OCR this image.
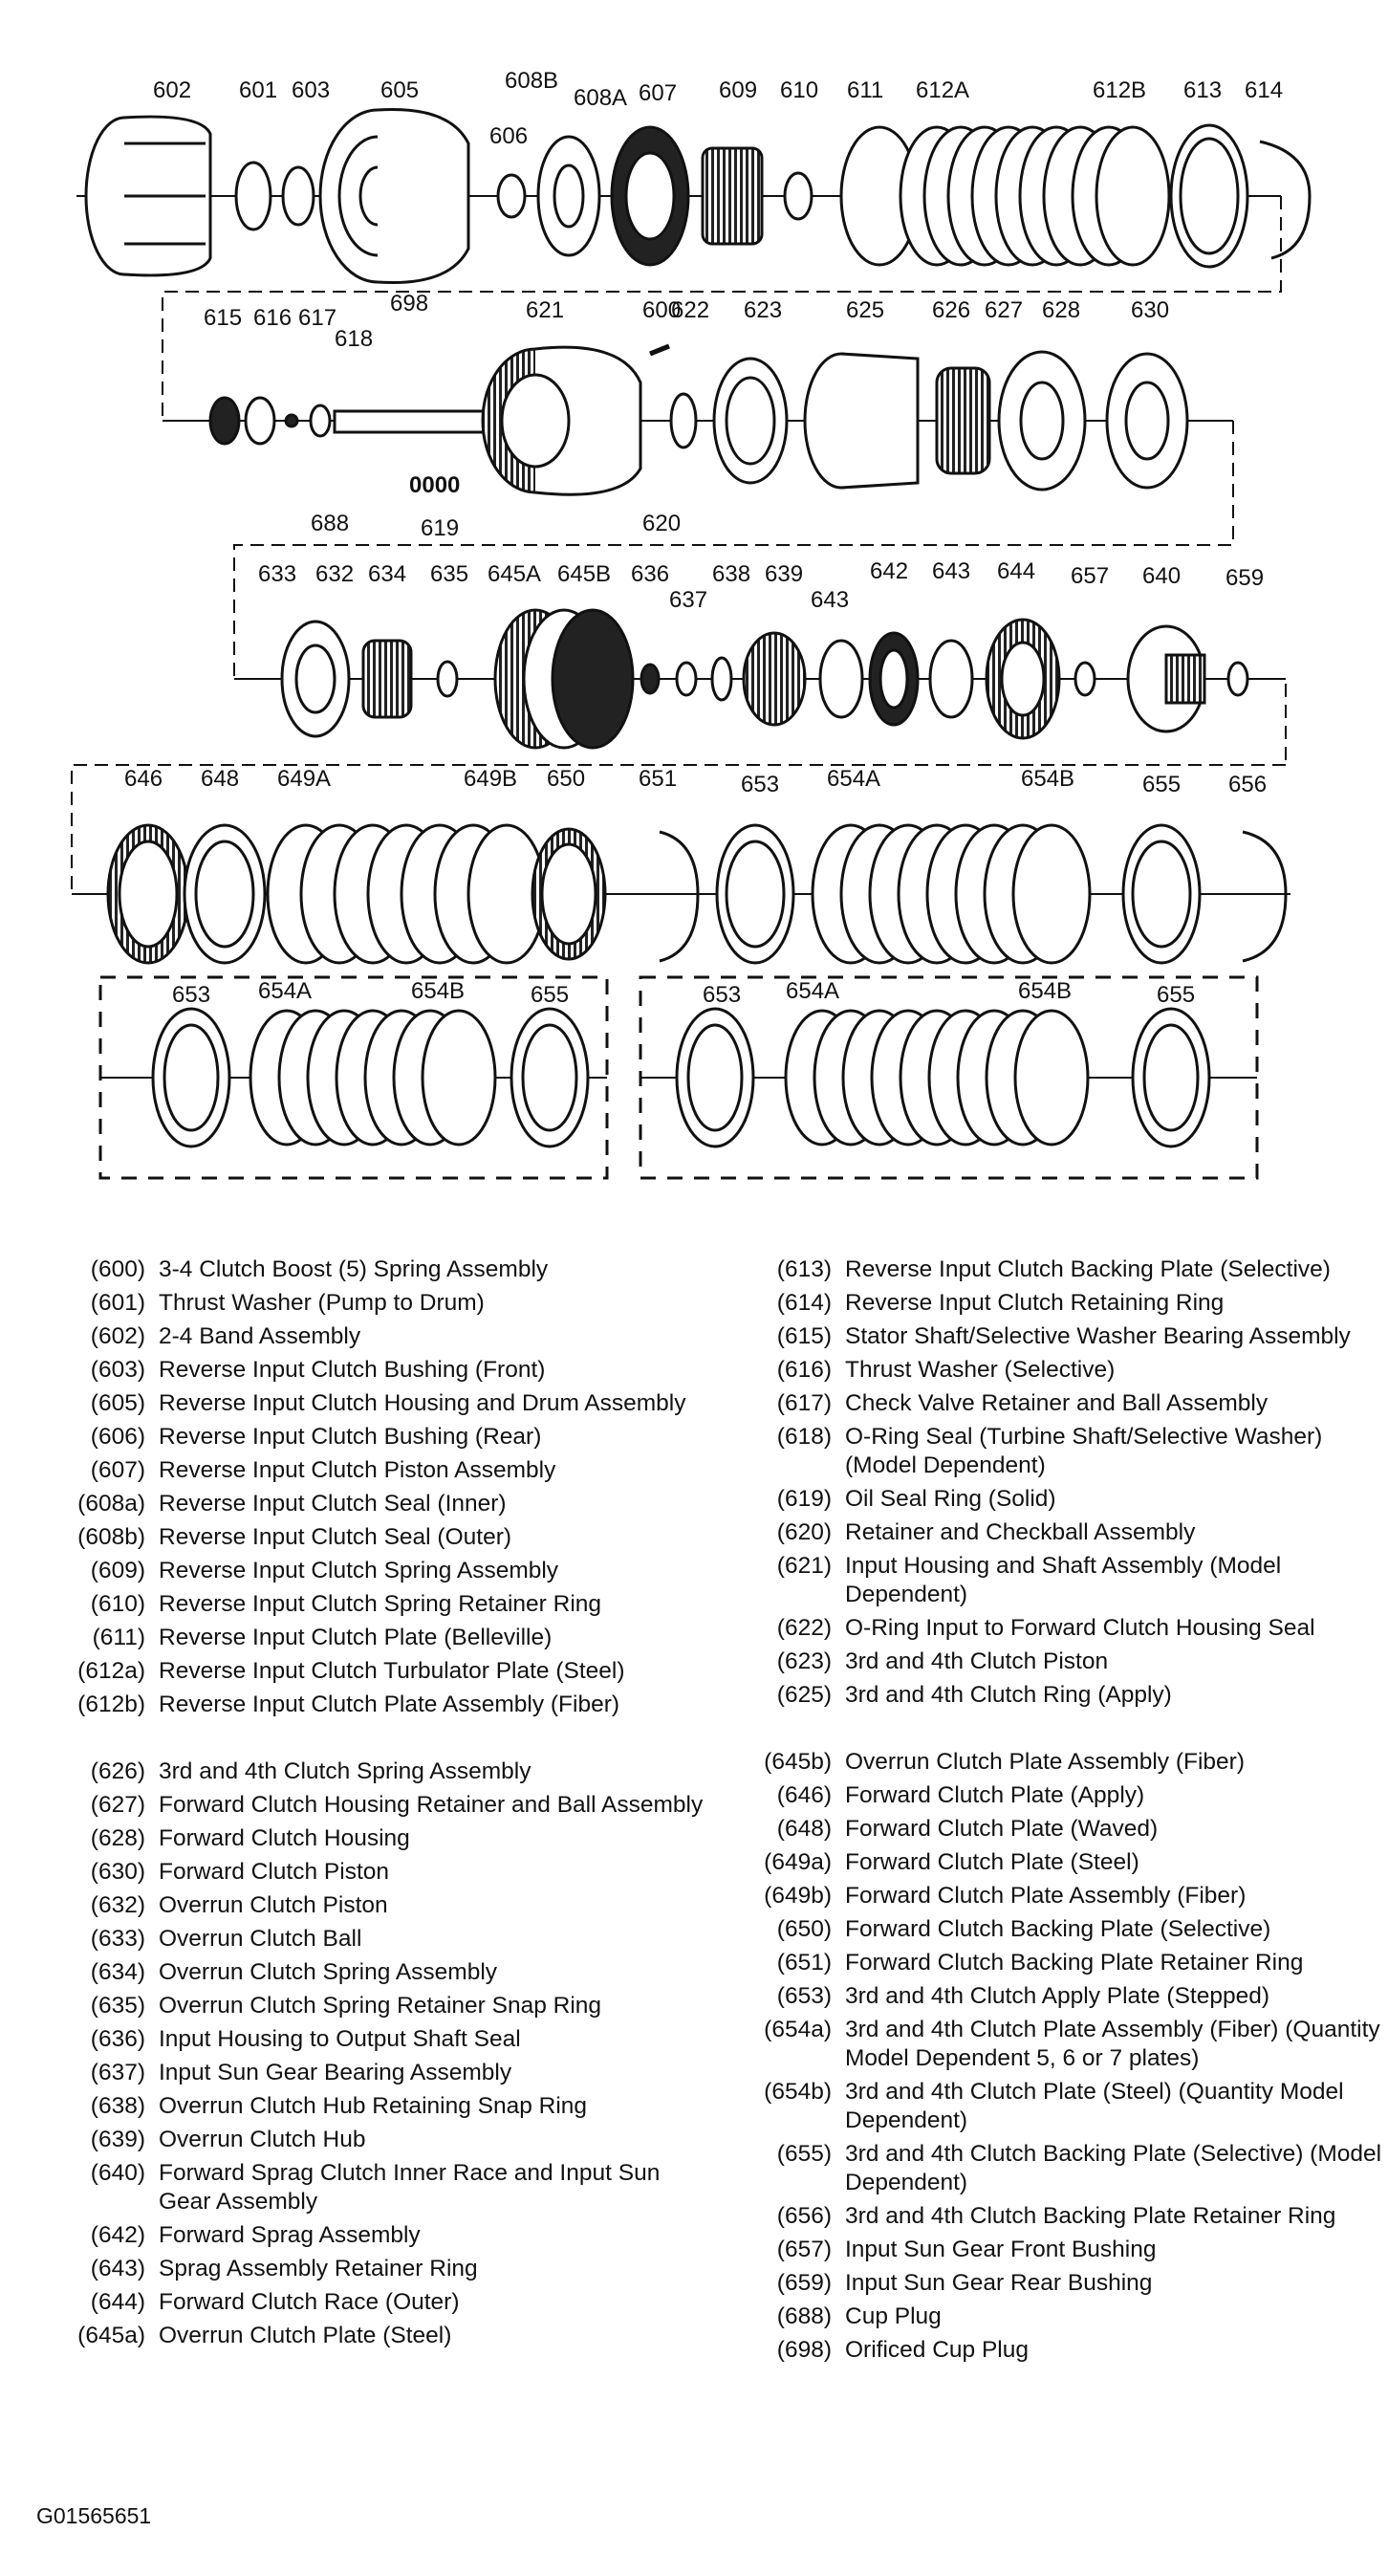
602 601 603 605
606
608B
608A 607 609 610 611 612A	612B 613 614
615 616 617
618
698	621	600
622 623	625 626 627 628 630
688	619	620
0000
633 632 634 635 645A 645B 636
637
638 639
643
642 643 644 657 640 659
646 648 649A	649B 650 651	653 654A	654B	655 656
653 654A	654B	655	653 654A	654B	655
(600) 3-4 Clutch Boost (5) Spring Assembly
(601) Thrust Washer (Pump to Drum)
(602) 2-4 Band Assembly
(603) Reverse Input Clutch Bushing (Front)
(605) Reverse Input Clutch Housing and Drum Assembly
(606) Reverse Input Clutch Bushing (Rear)
(607) Reverse Input Clutch Piston Assembly
(608a) Reverse Input Clutch Seal (Inner)
(608b) Reverse Input Clutch Seal (Outer)
(609) Reverse Input Clutch Spring Assembly
(610) Reverse Input Clutch Spring Retainer Ring
(611) Reverse Input Clutch Plate (Belleville)
(612a) Reverse Input Clutch Turbulator Plate (Steel)
(612b) Reverse Input Clutch Plate Assembly (Fiber)
(626) 3rd and 4th Clutch Spring Assembly
(627) Forward Clutch Housing Retainer and Ball Assembly
(628) Forward Clutch Housing
(630) Forward Clutch Piston
(632) Overrun Clutch Piston
(633) Overrun Clutch Ball
(634) Overrun Clutch Spring Assembly
(635) Overrun Clutch Spring Retainer Snap Ring
(636) Input Housing to Output Shaft Seal
(637) Input Sun Gear Bearing Assembly
(638) Overrun Clutch Hub Retaining Snap Ring
(639) Overrun Clutch Hub
(640) Forward Sprag Clutch Inner Race and Input Sun Gear Assembly
(642) Forward Sprag Assembly
(643) Sprag Assembly Retainer Ring
(644) Forward Clutch Race (Outer)
(645a) Overrun Clutch Plate (Steel)
(613) Reverse Input Clutch Backing Plate (Selective)
(614) Reverse Input Clutch Retaining Ring
(615) Stator Shaft/Selective Washer Bearing Assembly
(616) Thrust Washer (Selective)
(617) Check Valve Retainer and Ball Assembly
(618) O-Ring Seal (Turbine Shaft/Selective Washer) (Model Dependent)
(619) Oil Seal Ring (Solid)
(620) Retainer and Checkball Assembly
(621) Input Housing and Shaft Assembly (Model Dependent)
(622) O-Ring Input to Forward Clutch Housing Seal
(623) 3rd and 4th Clutch Piston
(625) 3rd and 4th Clutch Ring (Apply)
(645b) Overrun Clutch Plate Assembly (Fiber)
(646) Forward Clutch Plate (Apply)
(648) Forward Clutch Plate (Waved)
(649a) Forward Clutch Plate (Steel)
(649b) Forward Clutch Plate Assembly (Fiber)
(650) Forward Clutch Backing Plate (Selective)
(651) Forward Clutch Backing Plate Retainer Ring
(653) 3rd and 4th Clutch Apply Plate (Stepped)
(654a) 3rd and 4th Clutch Plate Assembly (Fiber) (Quantity Model Dependent 5, 6 or 7 plates)
(654b) 3rd and 4th Clutch Plate (Steel) (Quantity Model Dependent)
(655) 3rd and 4th Clutch Backing Plate (Selective) (Model Dependent)
(656) 3rd and 4th Clutch Backing Plate Retainer Ring
(657) Input Sun Gear Front Bushing
(659) Input Sun Gear Rear Bushing
(688) Cup Plug
(698) Orificed Cup Plug
G01565651
